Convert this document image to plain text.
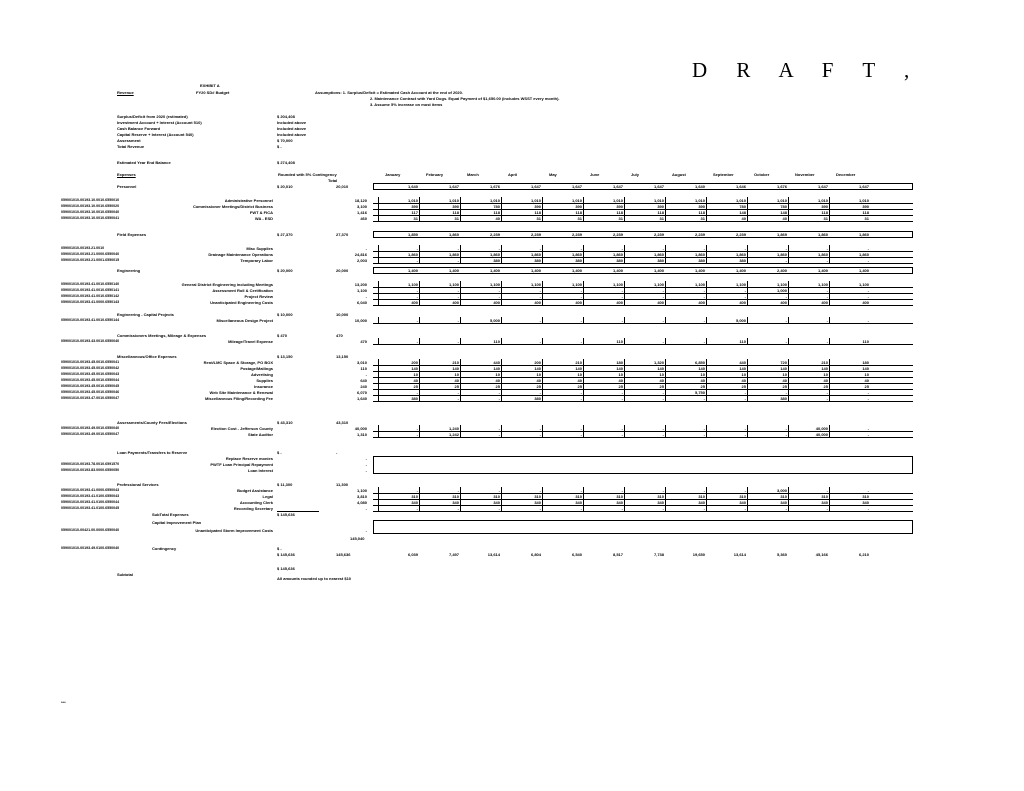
D R A F T ,
EXHIBIT A
FY20 SD# Budget
Revenue	Assumptions: 1. Surplus/Deficit = Estimated Cash Account at the end of 2020.
2. Maintenance Contract with Yard Dogs. Equal Payment of $1,650.00 (includes WSST every month).
3. Assume 5% increase on most items
Surplus/Deficit from 2020 (estimated)	$ 204,408
Investment Account + Interest (Account 510)	Included above
Cash Balance Forward	Included above
Capital Reserve + Interest (Account 540)	Included above
Assessment	$ 70,000
Total Revenue	$ -
Estimated Year End Balance	$ 274,408
Expenses	Rounded with 5% Contingency
Total
January	February	March	April	May	June	July	August	September	October	November	December
Personnel	$ 20,010	20,010	1,640	1,647	1,676	1,647	1,647	1,647	1,647	1,640	1,646	1,676	1,647	1,647
059001010-00193.10.0010.6550010	Administrative Personnel	18,120	1,010	1,010	1,010	1,010	1,010	1,010	1,010	1,010	1,010	1,010	1,010	1,010
059001010-00193.10.0010.6550020	Commissioner Meetings/District Business	3,100	390	390	780	390	390	390	390	390	780	780	390	390
059001010-00193.10.0010.6550040	FWT & FICA	1,416	117	118	118	118	118	118	118	118	148	148	118	118
059001010-00193.10.0010.6550041	WA - ESD	460	31	31	40	31	31	31	31	31	40	40	31	31
Field Expenses	$ 27,370	27,370	1,850	1,860	2,239	2,239	2,239	2,239	2,239	2,239	2,239	1,869	1,860	1,860
059001010-00193.21.0010	Misc Supplies	-	-	-	-	-	-	-	-	-	-	-	-	-
059001010-00193.21.0000.6550040	Drainage Maintenance Operations	24,816	1,860	1,860	1,860	1,860	1,860	1,860	1,860	1,860	1,860	1,860	1,860	1,860
059001010-00193.21.0001.6550015	Temporary Labor	2,003	-	-	380	380	380	380	380	380	380	-	-	-
Engineering	$ 20,000	20,000	1,400	1,400	1,400	1,400	1,400	1,400	1,400	1,400	1,400	2,400	1,400	1,400
059001010-00193.41.0010.6550140	General District Engineering including Meetings	13,200	1,100	1,100	1,100	1,100	1,100	1,100	1,100	1,100	1,100	1,100	1,100	1,100
059001010-00193.41.0010.6550141	Assessment Roll & Certification	1,100	-	-	-	-	-	-	-	-	-	1,000	-	-
059001010-00193.41.0010.6550142	Project Review	-	-	-	-	-	-	-	-	-	-	-	-	-
059001010-00193.41.0000.6550143	Unanticipated Engineering Costs	6,040	400	400	400	400	400	400	400	400	400	400	400	400
Engineering - Capital Projects	$ 10,000	10,000
059001010-00193.41.0010.6550144	Miscellaneous Design Project	10,000	-	-	5,000	-	-	-	-	-	5,000	-	-	-
Commissioners Meetings, Mileage & Expenses	$ 470	470
059001010-00193.43.0010.6550040	Mileage/Travel Expense	470	-	-	110	-	-	110	-	-	110	-	-	110
Miscellaneous/Office Expenses	$ 13,150	13,150
059001010-00193.45.0010.6550041	Rent/LMC Space & Storage, PO BOX	3,010	200	210	440	200	210	180	1,320	6,850	440	720	210	180
059001010-00193.45.0010.6550042	Postage/Mailings	110	140	140	140	140	140	140	140	140	140	140	140	140
059001010-00193.45.0010.6550043	Advertising	-	10	10	10	10	10	10	10	10	10	10	10	10
059001010-00193.45.0010.6550044	Supplies	640	40	40	40	40	40	40	40	40	40	40	40	40
059001010-00193.45.0010.6550045	Insurance	240	25	25	25	25	25	25	25	25	25	25	25	25
059001010-00193.45.0010.6550046	Web Site Maintenance & Renewal	6,070	-	-	-	-	-	-	-	5,750	-	-	-	-
059001010-00193.47.0010.6550047	Miscellaneous Filing/Recording Fee	1,640	380	-	-	380	-	-	-	-	-	380	-	-
Assessments/County Fees/Elections	$ 43,310	43,310
059001010-00193.49.0010.6550040	Election Cost - Jefferson County	40,000	-	1,240	-	-	-	-	-	-	-	-	40,000	-
059001010-00193.49.0010.6550047	State Auditor	1,310	-	1,242	-	-	-	-	-	-	-	-	40,000	-
Loan Payments/Transfers to Reserve	$ -	-
Replace Reserve monies	-
059001010-00193.78.0010.6591570	PWTF Loan Principal Repayment	-
059001010-00193.83.0000.6550050	Loan Interest	-
Professional Services	$ 11,300	11,300
059001010-00193.41.0000.6550043	Budget Assistance	1,100	-	-	-	-	-	-	-	-	-	3,000	-	-
059001010-00193.41.0100.6550043	Legal	3,810	310	310	310	310	310	310	310	310	310	310	310	310
059001010-00193.41.0100.6550044	Accounting Clerk	4,080	340	340	340	340	340	340	340	340	340	340	340	340
059001010-00193.41.0100.6550045	Recording Secretary	-	-	-	-	-	-	-	-	-	-	-	-	-
SubTotal Expenses	$ 145,636
Capital Improvement Plan
059001010-00421.00.0000.6550040	Unanticipated Storm Improvement Costs	-
145,040
059001010-00193.49.0100.6550040	Contingency	$ -
$ 145,636	145,636	6,039	7,497	13,614	6,804	6,540	8,517	7,738	19,650	13,614	5,360	45,166	6,210
Subtotal
$ 145,636
All amounts rounded up to nearest $10
***
